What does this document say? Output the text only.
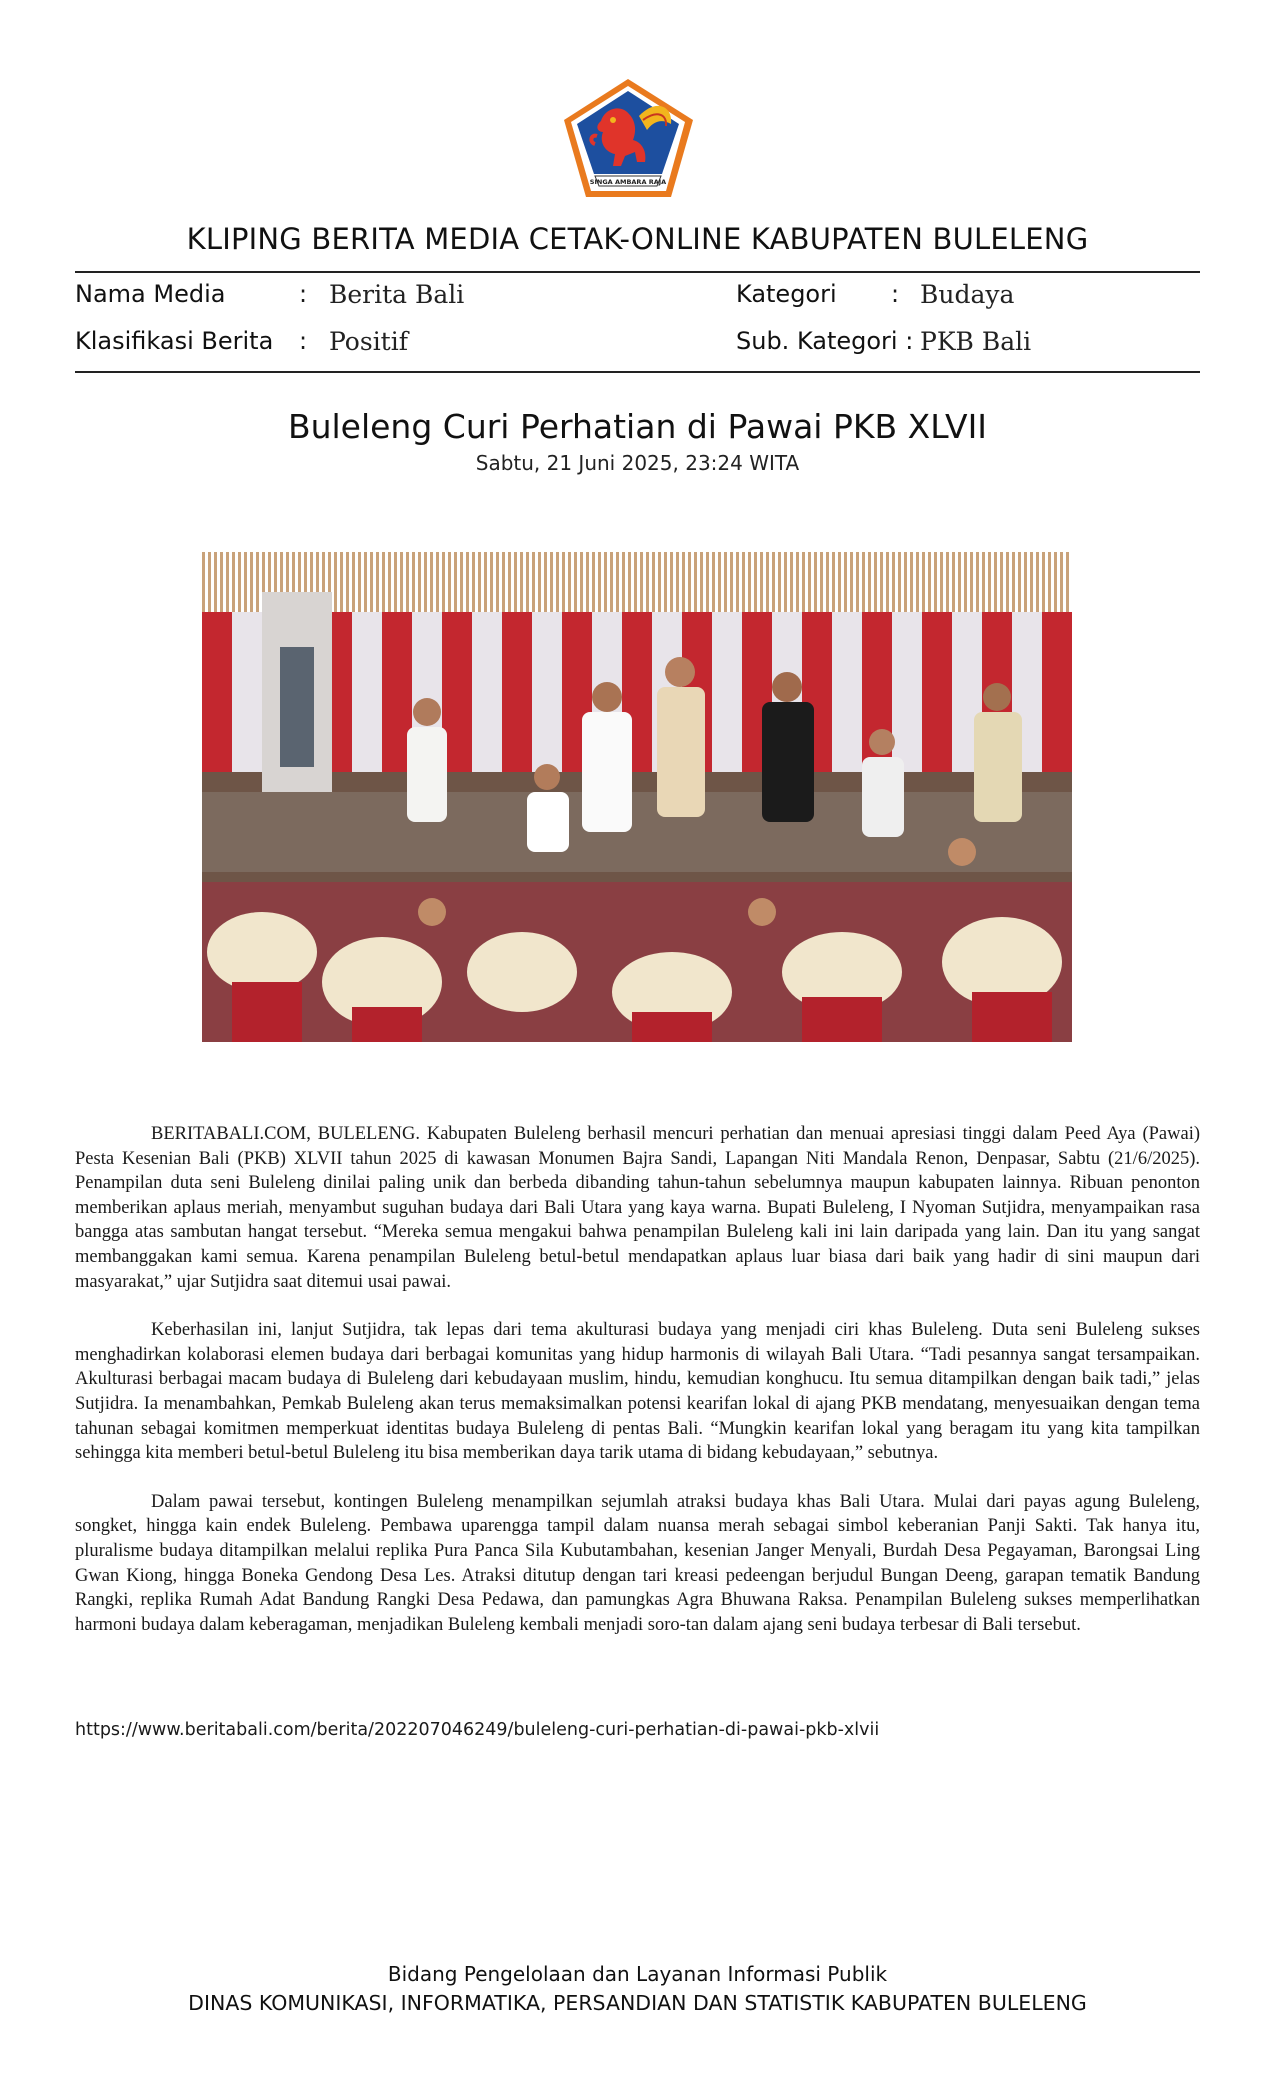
SINGA AMBARA RAJA
KLIPING BERITA MEDIA CETAK-ONLINE KABUPATEN BULELENG
Nama Media	: Berita Bali	Kategori : Budaya
Klasifikasi Berita : Positif	Sub. Kategori : PKB Bali
Buleleng Curi Perhatian di Pawai PKB XLVII
Sabtu, 21 Juni 2025, 23:24 WITA

BERITABALI.COM, BULELENG. Kabupaten Buleleng berhasil mencuri perhatian dan menuai apresiasi tinggi dalam Peed Aya (Pawai) Pesta Kesenian Bali (PKB) XLVII tahun 2025 di kawasan Monumen Bajra Sandi, Lapangan Niti Mandala Renon, Denpasar, Sabtu (21/6/2025). Penampilan duta seni Buleleng dinilai paling unik dan berbeda dibanding tahun-tahun sebelumnya maupun kabupaten lainnya. Ribuan penonton memberikan aplaus meriah, menyambut suguhan budaya dari Bali Utara yang kaya warna. Bupati Buleleng, I Nyoman Sutjidra, menyampaikan rasa bangga atas sambutan hangat tersebut. “Mereka semua mengakui bahwa penampilan Buleleng kali ini lain daripada yang lain. Dan itu yang sangat membanggakan kami semua. Karena penampilan Buleleng betul-betul mendapatkan aplaus luar biasa dari baik yang hadir di sini maupun dari masyarakat,” ujar Sutjidra saat ditemui usai pawai.

Keberhasilan ini, lanjut Sutjidra, tak lepas dari tema akulturasi budaya yang menjadi ciri khas Buleleng. Duta seni Buleleng sukses menghadirkan kolaborasi elemen budaya dari berbagai komunitas yang hidup harmonis di wilayah Bali Utara. “Tadi pesannya sangat tersampaikan. Akulturasi berbagai macam budaya di Buleleng dari kebudayaan muslim, hindu, kemudian konghucu. Itu semua ditampilkan dengan baik tadi,” jelas Sutjidra. Ia menambahkan, Pemkab Buleleng akan terus memaksimalkan potensi kearifan lokal di ajang PKB mendatang, menyesuaikan dengan tema tahunan sebagai komitmen memperkuat identitas budaya Buleleng di pentas Bali. “Mungkin kearifan lokal yang beragam itu yang kita tampilkan sehingga kita memberi betul-betul Buleleng itu bisa memberikan daya tarik utama di bidang kebudayaan,” sebutnya.

Dalam pawai tersebut, kontingen Buleleng menampilkan sejumlah atraksi budaya khas Bali Utara. Mulai dari payas agung Buleleng, songket, hingga kain endek Buleleng. Pembawa uparengga tampil dalam nuansa merah sebagai simbol keberanian Panji Sakti. Tak hanya itu, pluralisme budaya ditampilkan melalui replika Pura Panca Sila Kubutambahan, kesenian Janger Menyali, Burdah Desa Pegayaman, Barongsai Ling Gwan Kiong, hingga Boneka Gendong Desa Les. Atraksi ditutup dengan tari kreasi pedeengan berjudul Bungan Deeng, garapan tematik Bandung Rangki, replika Rumah Adat Bandung Rangki Desa Pedawa, dan pamungkas Agra Bhuwana Raksa. Penampilan Buleleng sukses memperlihatkan harmoni budaya dalam keberagaman, menjadikan Buleleng kembali menjadi soro-tan dalam ajang seni budaya terbesar di Bali tersebut.

https://www.beritabali.com/berita/202207046249/buleleng-curi-perhatian-di-pawai-pkb-xlvii
Bidang Pengelolaan dan Layanan Informasi Publik
DINAS KOMUNIKASI, INFORMATIKA, PERSANDIAN DAN STATISTIK KABUPATEN BULELENG
